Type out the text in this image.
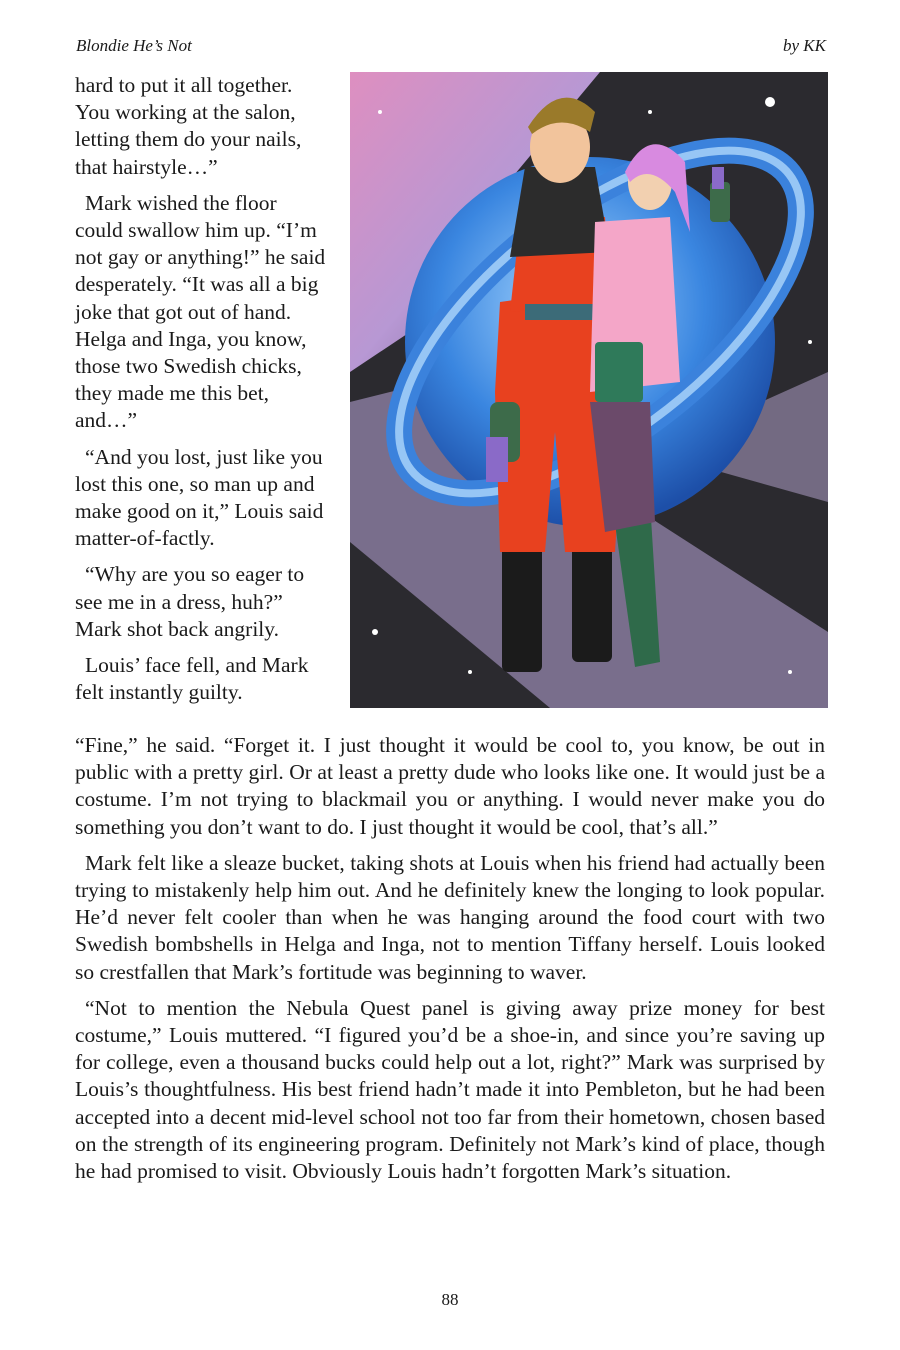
Blondie He’s Not	by KK

hard to put it all together. You working at the salon, letting them do your nails, that hairstyle…”

Mark wished the floor could swallow him up. “I’m not gay or anything!” he said desperately. “It was all a big joke that got out of hand. Helga and Inga, you know, those two Swedish chicks, they made me this bet, and…”

“And you lost, just like you lost this one, so man up and make good on it,” Louis said matter-of-factly.

“Why are you so eager to see me in a dress, huh?” Mark shot back angrily.

Louis’ face fell, and Mark felt instantly guilty.

“Fine,” he said. “Forget it. I just thought it would be cool to, you know, be out in public with a pretty girl. Or at least a pretty dude who looks like one. It would just be a costume. I’m not trying to blackmail you or anything. I would never make you do something you don’t want to do. I just thought it would be cool, that’s all.”

Mark felt like a sleaze bucket, taking shots at Louis when his friend had actually been trying to mistakenly help him out. And he definitely knew the longing to look popular. He’d never felt cooler than when he was hanging around the food court with two Swedish bombshells in Helga and Inga, not to mention Tiffany herself. Louis looked so crestfallen that Mark’s fortitude was beginning to waver.

“Not to mention the Nebula Quest panel is giving away prize money for best costume,” Louis muttered. “I figured you’d be a shoe-in, and since you’re saving up for college, even a thousand bucks could help out a lot, right?” Mark was surprised by Louis’s thoughtfulness. His best friend hadn’t made it into Pembleton, but he had been accepted into a decent mid-level school not too far from their hometown, chosen based on the strength of its engineering program. Definitely not Mark’s kind of place, though he had promised to visit. Obviously Louis hadn’t forgotten Mark’s situation.

88
